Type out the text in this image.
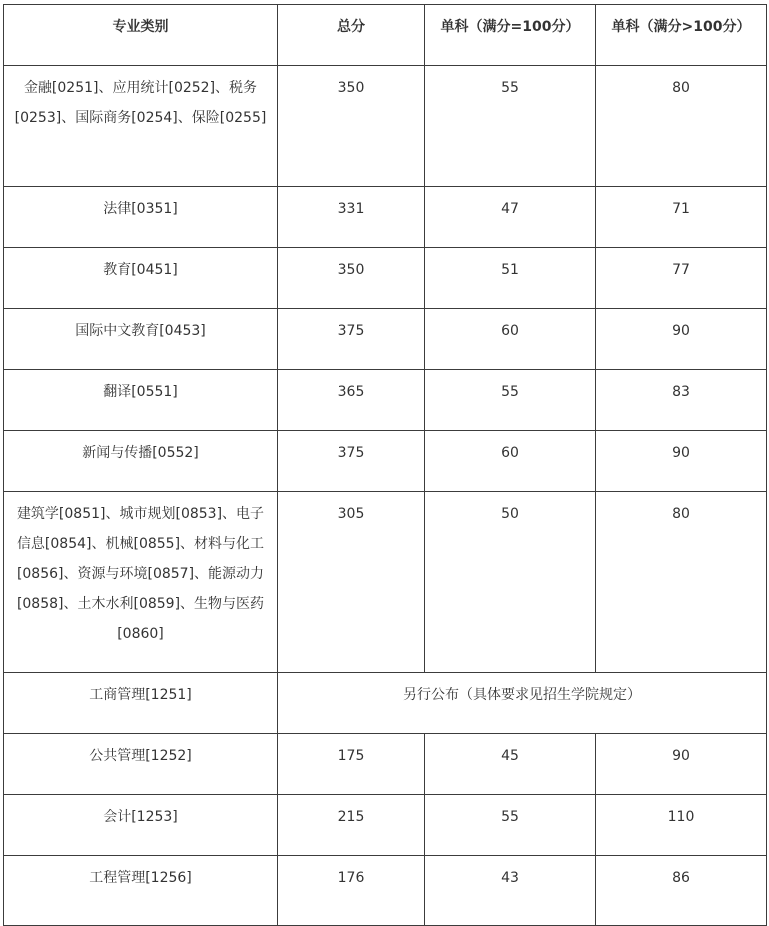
专业类别	总分	单科（满分=100分）	单科（满分>100分）
金融[0251]、应用统计[0252]、税务[0253]、国际商务[0254]、保险[0255]	350	55	80
法律[0351]	331	47	71
教育[0451]	350	51	77
国际中文教育[0453]	375	60	90
翻译[0551]	365	55	83
新闻与传播[0552]	375	60	90
建筑学[0851]、城市规划[0853]、电子信息[0854]、机械[0855]、材料与化工[0856]、资源与环境[0857]、能源动力[0858]、土木水利[0859]、生物与医药[0860]	305	50	80
工商管理[1251]	另行公布（具体要求见招生学院规定）		
公共管理[1252]	175	45	90
会计[1253]	215	55	110
工程管理[1256]	176	43	86
